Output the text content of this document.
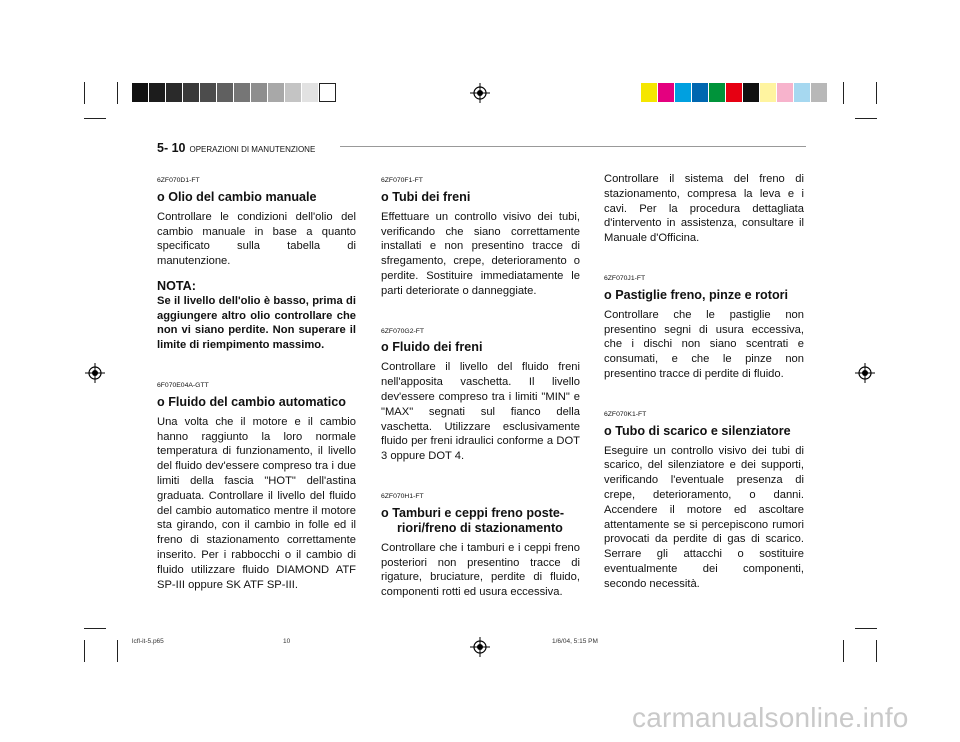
5- 10 OPERAZIONI DI MANUTENZIONE
6ZF070D1-FT
o Olio del cambio manuale
Controllare le condizioni dell'olio del cambio manuale in base a quanto specificato sulla tabella di manutenzione.
NOTA:
Se il livello dell'olio è basso, prima di aggiungere altro olio controllare che non vi siano perdite. Non superare il limite di riempimento massimo.
6F070E04A-GTT
o Fluido del cambio automatico
Una volta che il motore e il cambio hanno raggiunto la loro normale temperatura di funzionamento, il livello del fluido dev'essere compreso tra i due limiti della fascia "HOT" dell'astina graduata. Controllare il livello del fluido del cambio automatico mentre il motore sta girando, con il cambio in folle ed il freno di stazionamento correttamente inserito. Per i rabbocchi o il cambio di fluido utilizzare fluido DIAMOND ATF SP-III oppure SK ATF SP-III.
6ZF070F1-FT
o Tubi dei freni
Effettuare un controllo visivo dei tubi, verificando che siano correttamente installati e non presentino tracce di sfregamento, crepe, deterioramento o perdite. Sostituire immediatamente le parti deteriorate o danneggiate.
6ZF070G2-FT
o Fluido dei freni
Controllare il livello del fluido freni nell'apposita vaschetta. Il livello dev'essere compreso tra i limiti "MIN" e "MAX" segnati sul fianco della vaschetta. Utilizzare esclusivamente fluido per freni idraulici conforme a DOT 3 oppure DOT 4.
6ZF070H1-FT
o Tamburi e ceppi freno poste-
riori/freno di stazionamento
Controllare che i tamburi e i ceppi freno posteriori non presentino tracce di rigature, bruciature, perdite di fluido, componenti rotti ed usura eccessiva.
Controllare il sistema del freno di stazionamento, compresa la leva e i cavi. Per la procedura dettagliata d'intervento in assistenza, consultare il Manuale d'Officina.
6ZF070J1-FT
o Pastiglie freno, pinze e rotori
Controllare che le pastiglie non presentino segni di usura eccessiva, che i dischi non siano scentrati e consumati, e che le pinze non presentino tracce di perdite di fluido.
6ZF070K1-FT
o Tubo di scarico e silenziatore
Eseguire un controllo visivo dei tubi di scarico, del silenziatore e dei supporti, verificando l'eventuale presenza di crepe, deterioramento, o danni. Accendere il motore ed ascoltare attentamente se si percepiscono rumori provocati da perdite di gas di scarico. Serrare gli attacchi o sostituire eventualmente dei componenti, secondo necessità.
lcfl-it-5.p65	10	1/6/04, 5:15 PM
carmanualsonline.info
